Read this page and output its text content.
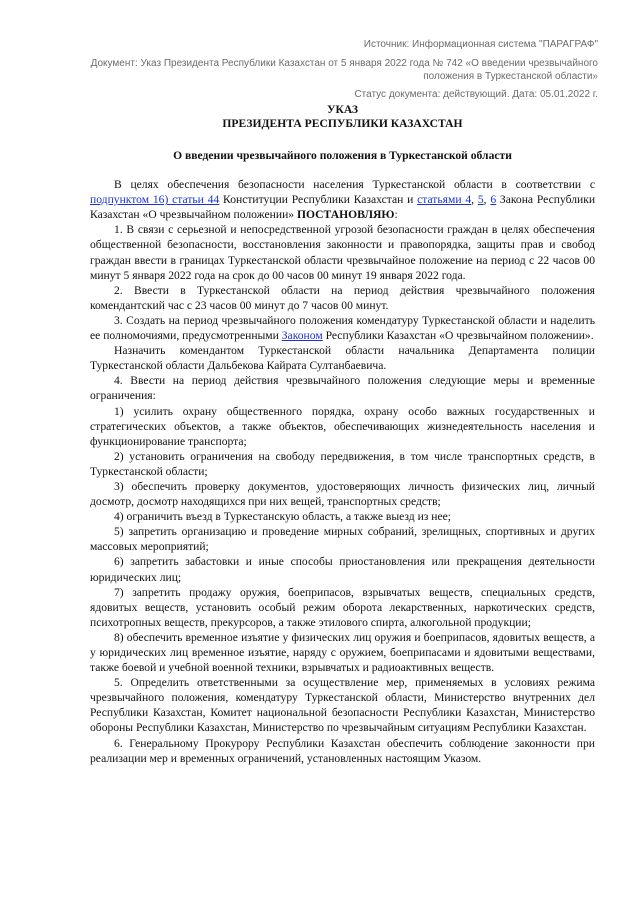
Источник: Информационная система "ПАРАГРАФ"
Документ: Указ Президента Республики Казахстан от 5 января 2022 года № 742 «О введении чрезвычайного положения в Туркестанской области»
Статус документа: действующий. Дата: 05.01.2022 г.
УКАЗ
ПРЕЗИДЕНТА РЕСПУБЛИКИ КАЗАХСТАН
О введении чрезвычайного положения в Туркестанской области

В целях обеспечения безопасности населения Туркестанской области в соответствии с подпунктом 16) статьи 44 Конституции Республики Казахстан и статьями 4, 5, 6 Закона Республики Казахстан «О чрезвычайном положении» ПОСТАНОВЛЯЮ:

1. В связи с серьезной и непосредственной угрозой безопасности граждан в целях обеспечения общественной безопасности, восстановления законности и правопорядка, защиты прав и свобод граждан ввести в границах Туркестанской области чрезвычайное положение на период с 22 часов 00 минут 5 января 2022 года на срок до 00 часов 00 минут 19 января 2022 года.

2. Ввести в Туркестанской области на период действия чрезвычайного положения комендантский час с 23 часов 00 минут до 7 часов 00 минут.

3. Создать на период чрезвычайного положения комендатуру Туркестанской области и наделить ее полномочиями, предусмотренными Законом Республики Казахстан «О чрезвычайном положении».

Назначить комендантом Туркестанской области начальника Департамента полиции Туркестанской области Дальбекова Кайрата Султанбаевича.

4. Ввести на период действия чрезвычайного положения следующие меры и временные ограничения:

1) усилить охрану общественного порядка, охрану особо важных государственных и стратегических объектов, а также объектов, обеспечивающих жизнедеятельность населения и функционирование транспорта;

2) установить ограничения на свободу передвижения, в том числе транспортных средств, в Туркестанской области;

3) обеспечить проверку документов, удостоверяющих личность физических лиц, личный досмотр, досмотр находящихся при них вещей, транспортных средств;

4) ограничить въезд в Туркестанскую область, а также выезд из нее;

5) запретить организацию и проведение мирных собраний, зрелищных, спортивных и других массовых мероприятий;

6) запретить забастовки и иные способы приостановления или прекращения деятельности юридических лиц;

7) запретить продажу оружия, боеприпасов, взрывчатых веществ, специальных средств, ядовитых веществ, установить особый режим оборота лекарственных, наркотических средств, психотропных веществ, прекурсоров, а также этилового спирта, алкогольной продукции;

8) обеспечить временное изъятие у физических лиц оружия и боеприпасов, ядовитых веществ, а у юридических лиц временное изъятие, наряду с оружием, боеприпасами и ядовитыми веществами, также боевой и учебной военной техники, взрывчатых и радиоактивных веществ.

5. Определить ответственными за осуществление мер, применяемых в условиях режима чрезвычайного положения, комендатуру Туркестанской области, Министерство внутренних дел Республики Казахстан, Комитет национальной безопасности Республики Казахстан, Министерство обороны Республики Казахстан, Министерство по чрезвычайным ситуациям Республики Казахстан.

6. Генеральному Прокурору Республики Казахстан обеспечить соблюдение законности при реализации мер и временных ограничений, установленных настоящим Указом.
